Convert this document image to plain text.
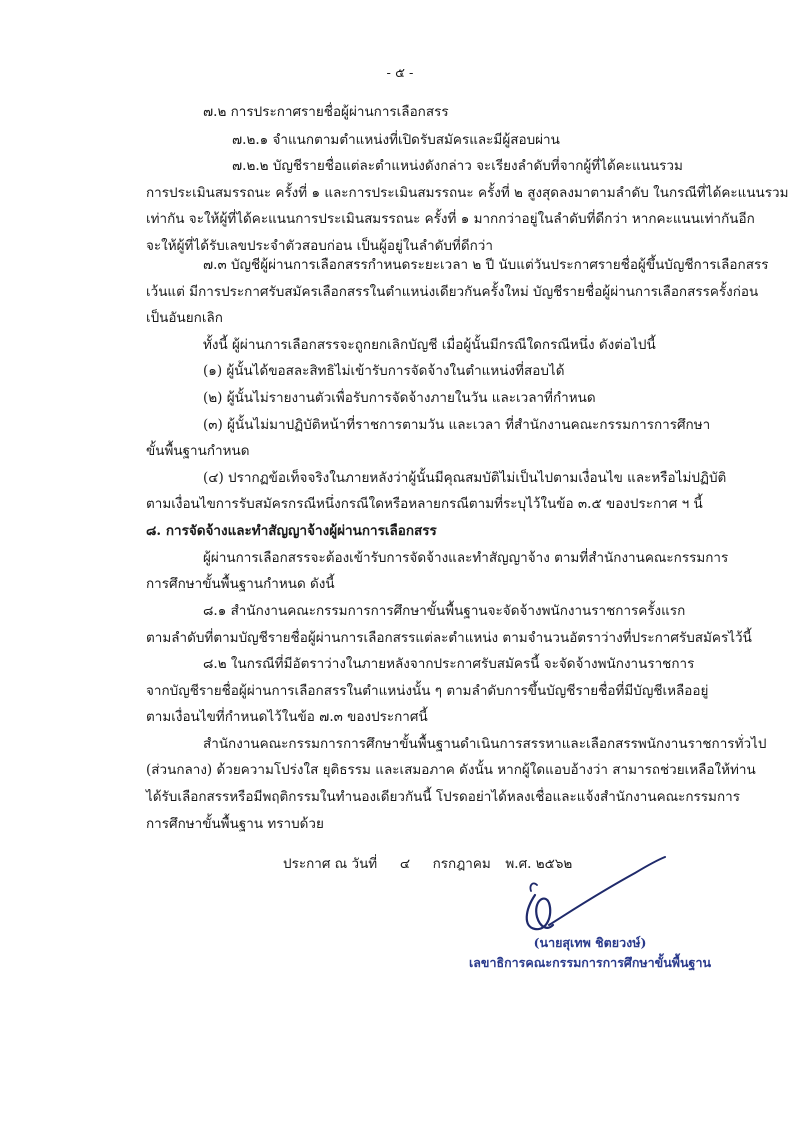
- ๕ -
๗.๒ การประกาศรายชื่อผู้ผ่านการเลือกสรร
๗.๒.๑ จำแนกตามตำแหน่งที่เปิดรับสมัครและมีผู้สอบผ่าน
๗.๒.๒ บัญชีรายชื่อแต่ละตำแหน่งดังกล่าว จะเรียงลำดับที่จากผู้ที่ได้คะแนนรวม
การประเมินสมรรถนะ ครั้งที่ ๑ และการประเมินสมรรถนะ ครั้งที่ ๒ สูงสุดลงมาตามลำดับ ในกรณีที่ได้คะแนนรวม
เท่ากัน จะให้ผู้ที่ได้คะแนนการประเมินสมรรถนะ ครั้งที่ ๑ มากกว่าอยู่ในลำดับที่ดีกว่า หากคะแนนเท่ากันอีก
จะให้ผู้ที่ได้รับเลขประจำตัวสอบก่อน เป็นผู้อยู่ในลำดับที่ดีกว่า
๗.๓ บัญชีผู้ผ่านการเลือกสรรกำหนดระยะเวลา ๒ ปี นับแต่วันประกาศรายชื่อผู้ขึ้นบัญชีการเลือกสรร
เว้นแต่ มีการประกาศรับสมัครเลือกสรรในตำแหน่งเดียวกันครั้งใหม่ บัญชีรายชื่อผู้ผ่านการเลือกสรรครั้งก่อน
เป็นอันยกเลิก
ทั้งนี้ ผู้ผ่านการเลือกสรรจะถูกยกเลิกบัญชี เมื่อผู้นั้นมีกรณีใดกรณีหนึ่ง ดังต่อไปนี้
(๑) ผู้นั้นได้ขอสละสิทธิไม่เข้ารับการจัดจ้างในตำแหน่งที่สอบได้
(๒) ผู้นั้นไม่รายงานตัวเพื่อรับการจัดจ้างภายในวัน และเวลาที่กำหนด
(๓) ผู้นั้นไม่มาปฏิบัติหน้าที่ราชการตามวัน และเวลา ที่สำนักงานคณะกรรมการการศึกษา
ขั้นพื้นฐานกำหนด
(๔) ปรากฏข้อเท็จจริงในภายหลังว่าผู้นั้นมีคุณสมบัติไม่เป็นไปตามเงื่อนไข และหรือไม่ปฏิบัติ
ตามเงื่อนไขการรับสมัครกรณีหนึ่งกรณีใดหรือหลายกรณีตามที่ระบุไว้ในข้อ ๓.๕ ของประกาศ ฯ นี้
๘. การจัดจ้างและทำสัญญาจ้างผู้ผ่านการเลือกสรร
ผู้ผ่านการเลือกสรรจะต้องเข้ารับการจัดจ้างและทำสัญญาจ้าง ตามที่สำนักงานคณะกรรมการ
การศึกษาขั้นพื้นฐานกำหนด ดังนี้
๘.๑ สำนักงานคณะกรรมการการศึกษาขั้นพื้นฐานจะจัดจ้างพนักงานราชการครั้งแรก
ตามลำดับที่ตามบัญชีรายชื่อผู้ผ่านการเลือกสรรแต่ละตำแหน่ง ตามจำนวนอัตราว่างที่ประกาศรับสมัครไว้นี้
๘.๒ ในกรณีที่มีอัตราว่างในภายหลังจากประกาศรับสมัครนี้ จะจัดจ้างพนักงานราชการ
จากบัญชีรายชื่อผู้ผ่านการเลือกสรรในตำแหน่งนั้น ๆ ตามลำดับการขึ้นบัญชีรายชื่อที่มีบัญชีเหลืออยู่
ตามเงื่อนไขที่กำหนดไว้ในข้อ ๗.๓ ของประกาศนี้
สำนักงานคณะกรรมการการศึกษาขั้นพื้นฐานดำเนินการสรรหาและเลือกสรรพนักงานราชการทั่วไป
(ส่วนกลาง) ด้วยความโปร่งใส ยุติธรรม และเสมอภาค ดังนั้น หากผู้ใดแอบอ้างว่า สามารถช่วยเหลือให้ท่าน
ได้รับเลือกสรรหรือมีพฤติกรรมในทำนองเดียวกันนี้ โปรดอย่าได้หลงเชื่อและแจ้งสำนักงานคณะกรรมการ
การศึกษาขั้นพื้นฐาน ทราบด้วย
ประกาศ ณ วันที่ ๔ กรกฎาคม พ.ศ. ๒๕๖๒
(นายสุเทพ ชิตยวงษ์)
เลขาธิการคณะกรรมการการศึกษาขั้นพื้นฐาน
